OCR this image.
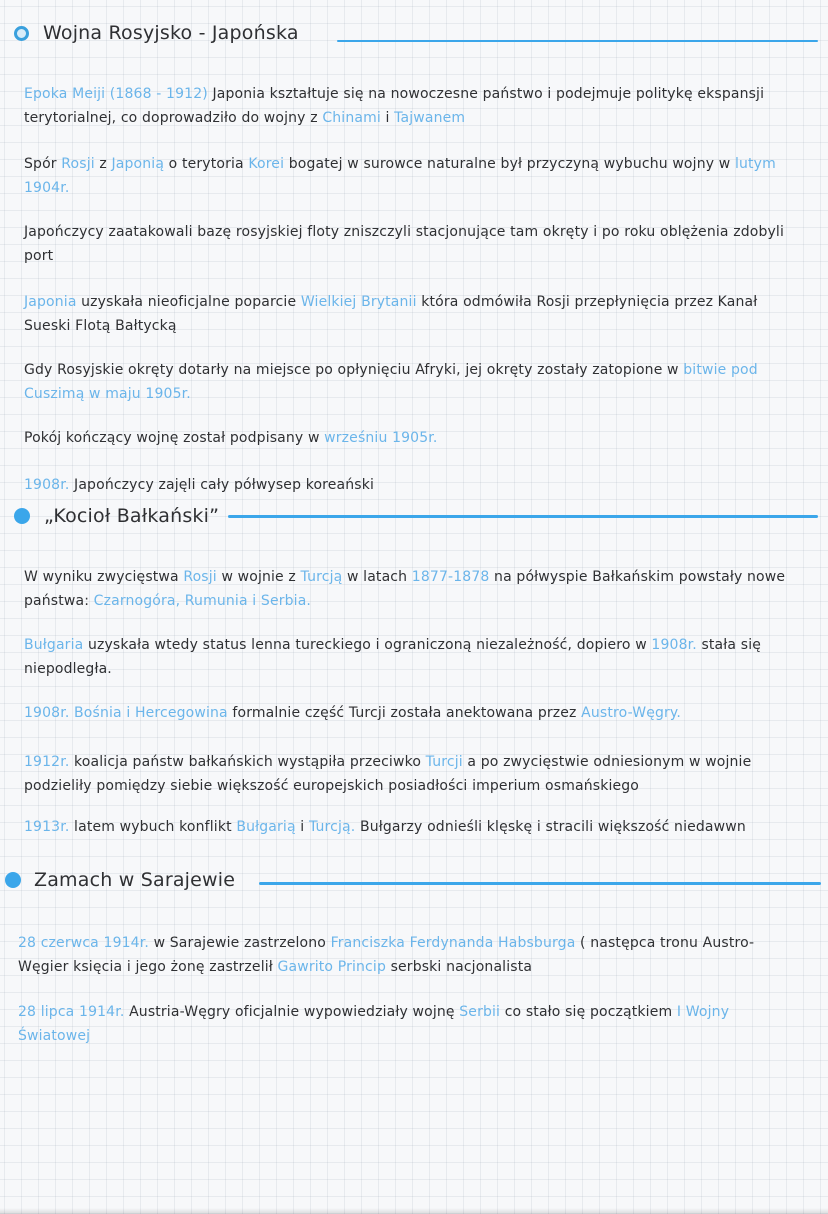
Wojna Rosyjsko - Japońska

Epoka Meiji (1868 - 1912) Japonia kształtuje się na nowoczesne państwo i podejmuje politykę ekspansji terytorialnej, co doprowadziło do wojny z Chinami i Tajwanem

Spór Rosji z Japonią o terytoria Korei bogatej w surowce naturalne był przyczyną wybuchu wojny w lutym 1904r.

Japończycy zaatakowali bazę rosyjskiej floty zniszczyli stacjonujące tam okręty i po roku oblężenia zdobyli port

Japonia uzyskała nieoficjalne poparcie Wielkiej Brytanii która odmówiła Rosji przepłynięcia przez Kanał Sueski Flotą Bałtycką

Gdy Rosyjskie okręty dotarły na miejsce po opłynięciu Afryki, jej okręty zostały zatopione w bitwie pod Cuszimą w maju 1905r.

Pokój kończący wojnę został podpisany w wrześniu 1905r.

1908r. Japończycy zajęli cały półwysep koreański

„Kocioł Bałkański”

W wyniku zwycięstwa Rosji w wojnie z Turcją w latach 1877-1878 na półwyspie Bałkańskim powstały nowe państwa: Czarnogóra, Rumunia i Serbia.

Bułgaria uzyskała wtedy status lenna tureckiego i ograniczoną niezależność, dopiero w 1908r. stała się niepodległa.

1908r. Bośnia i Hercegowina formalnie część Turcji została anektowana przez Austro-Węgry.

1912r. koalicja państw bałkańskich wystąpiła przeciwko Turcji a po zwycięstwie odniesionym w wojnie podzieliły pomiędzy siebie większość europejskich posiadłości imperium osmańskiego

1913r. latem wybuch konflikt Bułgarią i Turcją. Bułgarzy odnieśli klęskę i stracili większość niedawwn

Zamach w Sarajewie

28 czerwca 1914r. w Sarajewie zastrzelono Franciszka Ferdynanda Habsburga ( następca tronu Austro-Węgier księcia i jego żonę zastrzelił Gawrito Princip serbski nacjonalista

28 lipca 1914r. Austria-Węgry oficjalnie wypowiedziały wojnę Serbii co stało się początkiem I Wojny Światowej
